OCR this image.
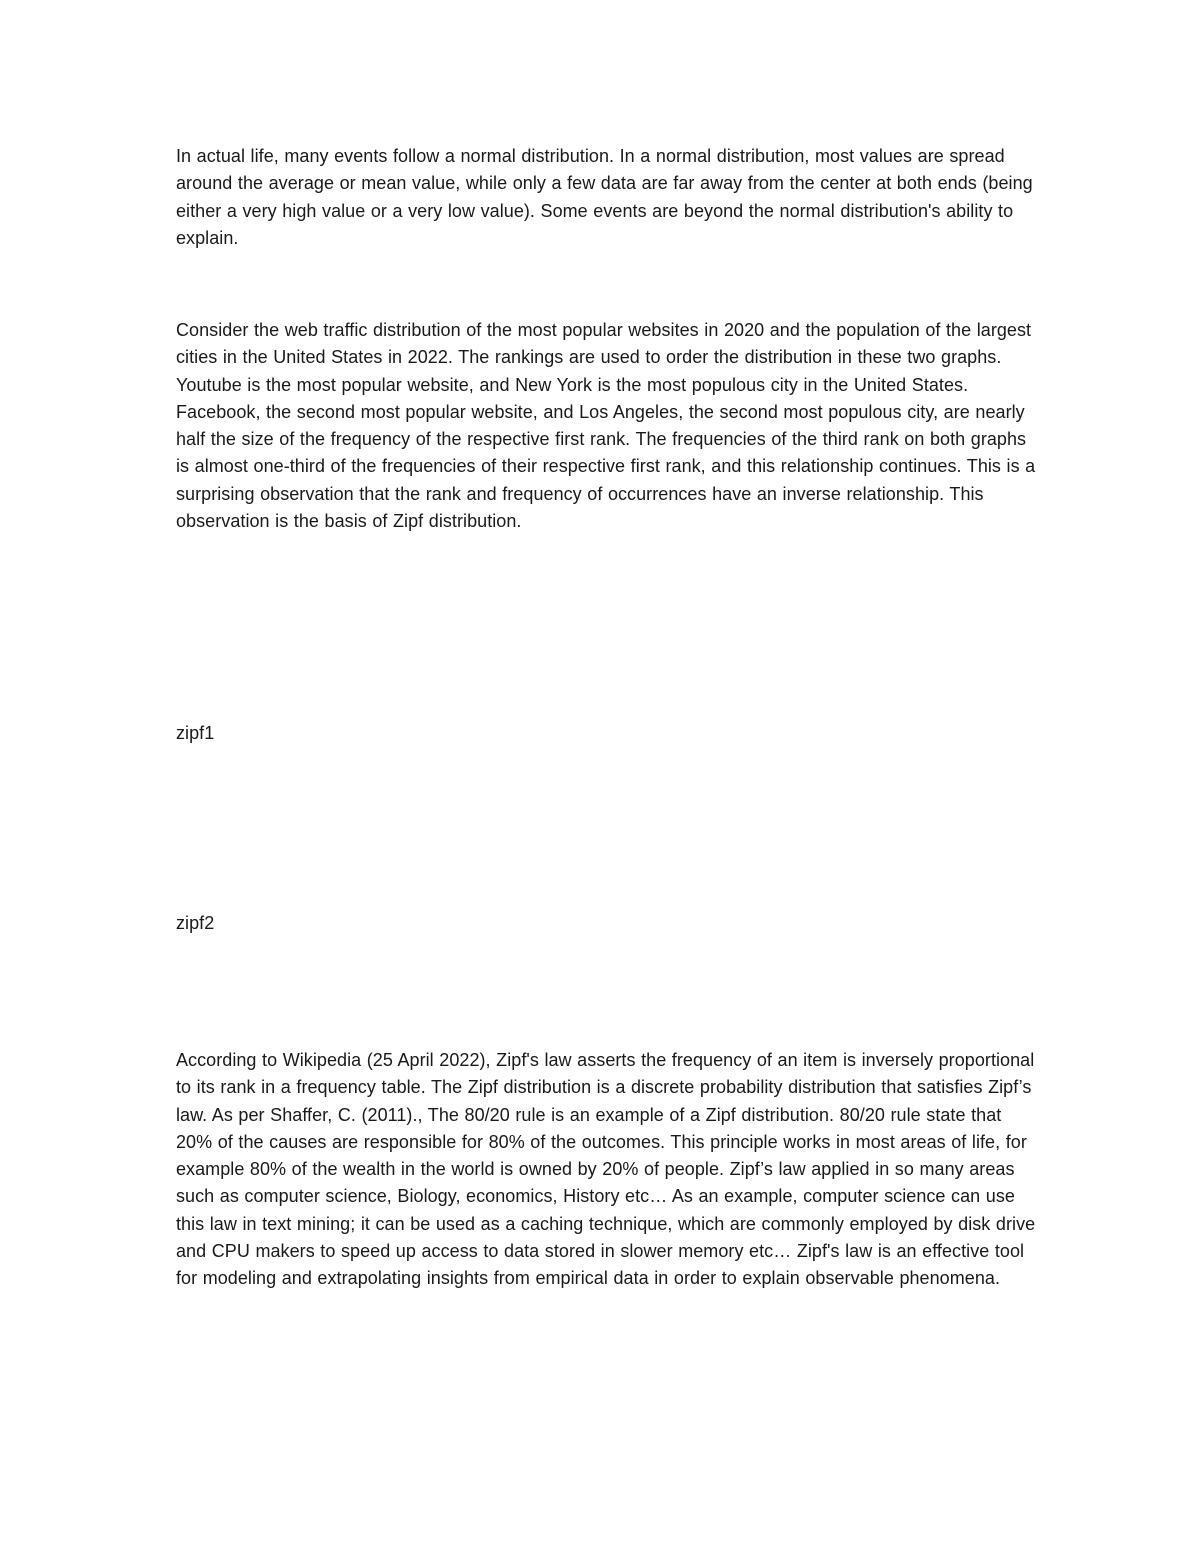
In actual life, many events follow a normal distribution. In a normal distribution, most values are spread around the average or mean value, while only a few data are far away from the center at both ends (being either a very high value or a very low value). Some events are beyond the normal distribution's ability to explain.

Consider the web traffic distribution of the most popular websites in 2020 and the population of the largest cities in the United States in 2022. The rankings are used to order the distribution in these two graphs. Youtube is the most popular website, and New York is the most populous city in the United States. Facebook, the second most popular website, and Los Angeles, the second most populous city, are nearly half the size of the frequency of the respective first rank. The frequencies of the third rank on both graphs is almost one-third of the frequencies of their respective first rank, and this relationship continues. This is a surprising observation that the rank and frequency of occurrences have an inverse relationship. This observation is the basis of Zipf distribution.

zipf1

zipf2

According to Wikipedia (25 April 2022), Zipf's law asserts the frequency of an item is inversely proportional to its rank in a frequency table. The Zipf distribution is a discrete probability distribution that satisfies Zipf’s law. As per Shaffer, C. (2011)., The 80/20 rule is an example of a Zipf distribution. 80/20 rule state that 20% of the causes are responsible for 80% of the outcomes. This principle works in most areas of life, for example 80% of the wealth in the world is owned by 20% of people. Zipf’s law applied in so many areas such as computer science, Biology, economics, History etc… As an example, computer science can use this law in text mining; it can be used as a caching technique, which are commonly employed by disk drive and CPU makers to speed up access to data stored in slower memory etc… Zipf's law is an effective tool for modeling and extrapolating insights from empirical data in order to explain observable phenomena.
